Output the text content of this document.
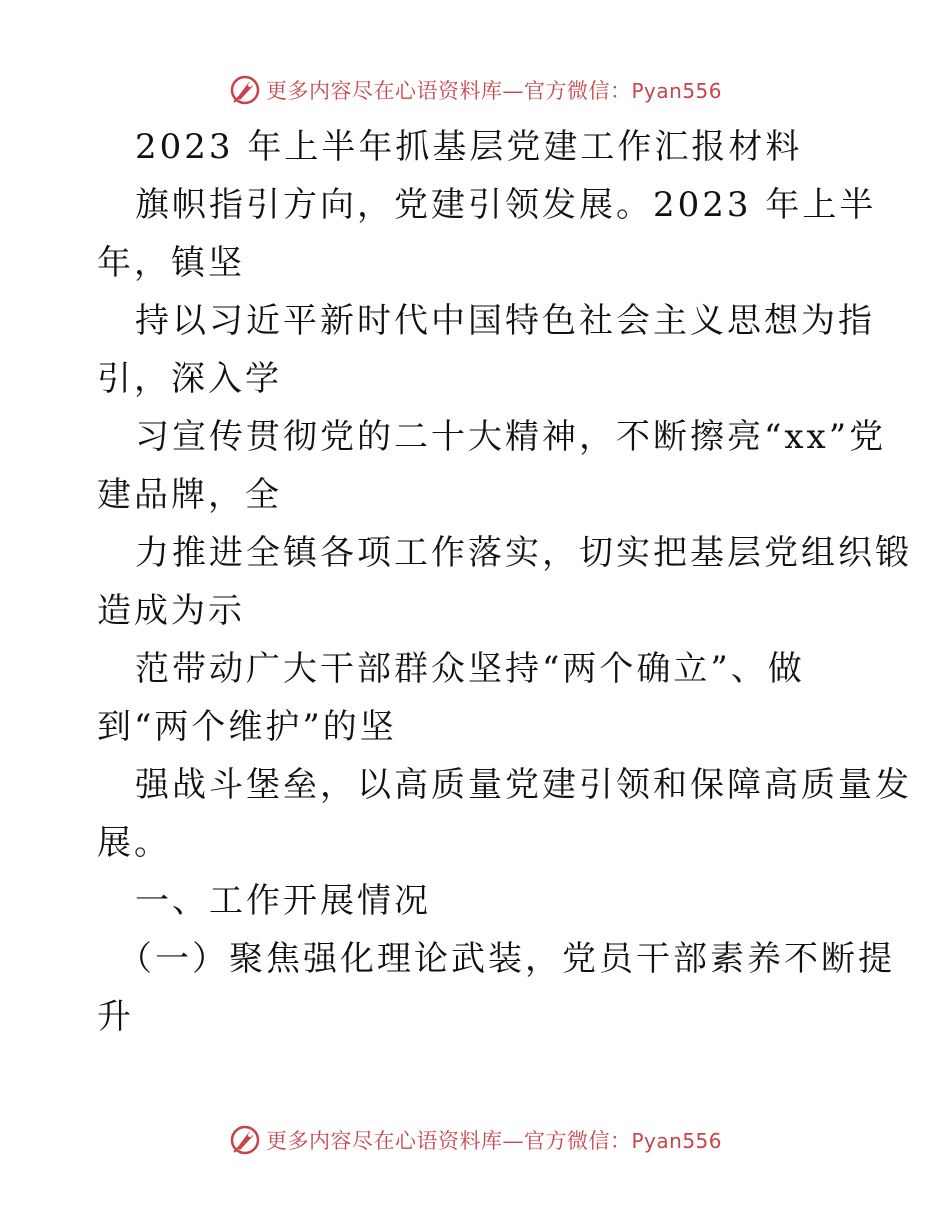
更多内容尽在心语资料库—官方微信：Pyan556
2023 年上半年抓基层党建工作汇报材料
旗帜指引方向，党建引领发展。2023 年上半
年，镇坚
持以习近平新时代中国特色社会主义思想为指
引，深入学
习宣传贯彻党的二十大精神，不断擦亮“xx”党
建品牌，全
力推进全镇各项工作落实，切实把基层党组织锻
造成为示
范带动广大干部群众坚持“两个确立”、做
到“两个维护”的坚
强战斗堡垒，以高质量党建引领和保障高质量发
展。
一、工作开展情况
（一）聚焦强化理论武装，党员干部素养不断提
升
更多内容尽在心语资料库—官方微信：Pyan556
